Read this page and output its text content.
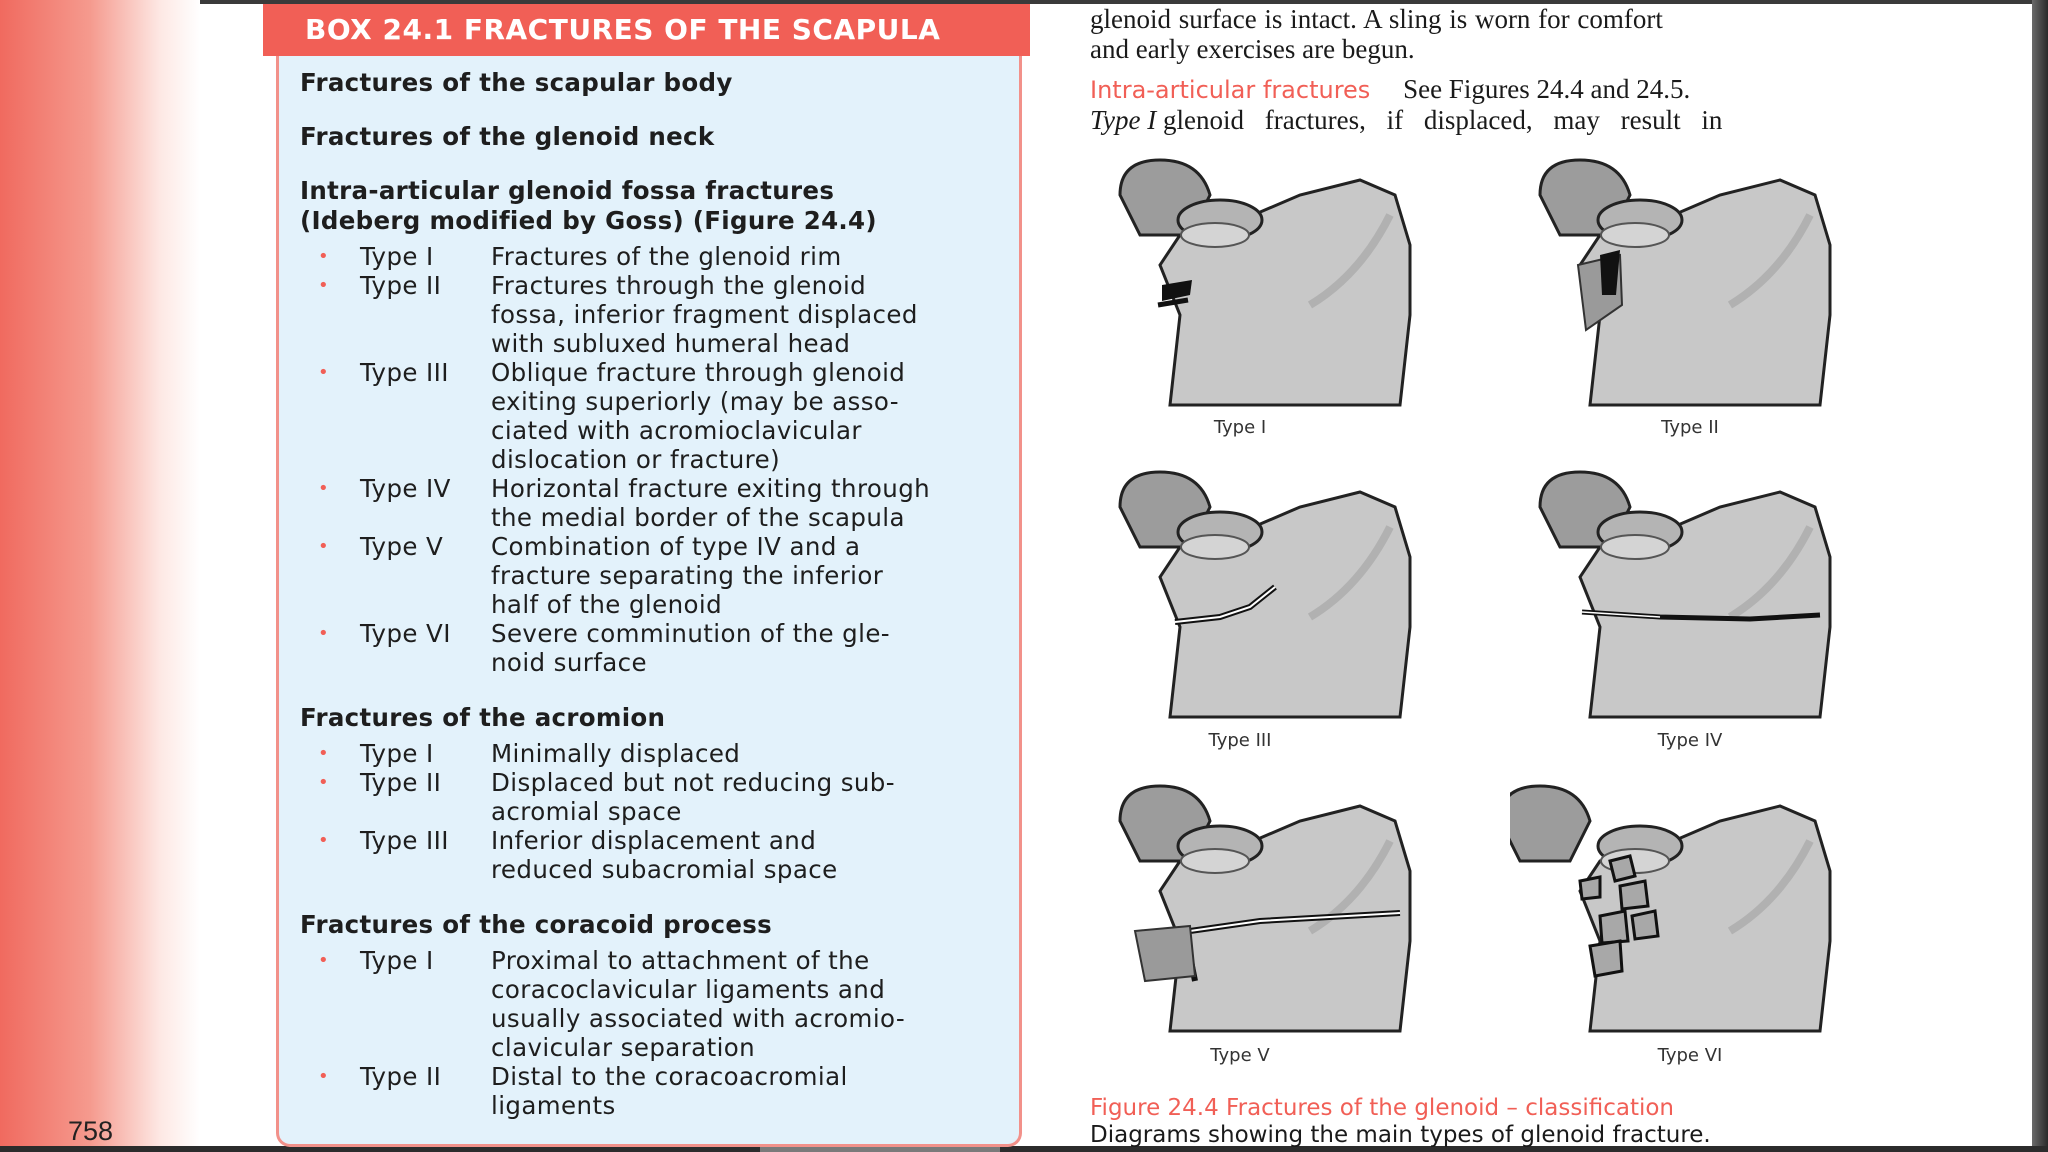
758
BOX 24.1 FRACTURES OF THE SCAPULA
Fractures of the scapular body
Fractures of the glenoid neck
Intra-articular glenoid fossa fractures
(Ideberg modified by Goss) (Figure 24.4)
•	Type I	Fractures of the glenoid rim
•	Type II	Fractures through the glenoid
fossa, inferior fragment displaced
with subluxed humeral head
•	Type III	Oblique fracture through glenoid
exiting superiorly (may be asso-
ciated with acromioclavicular
dislocation or fracture)
•	Type IV	Horizontal fracture exiting through
the medial border of the scapula
•	Type V	Combination of type IV and a
fracture separating the inferior
half of the glenoid
•	Type VI	Severe comminution of the gle-
noid surface
Fractures of the acromion
•	Type I	Minimally displaced
•	Type II	Displaced but not reducing sub-
acromial space
•	Type III	Inferior displacement and
reduced subacromial space
Fractures of the coracoid process
•	Type I	Proximal to attachment of the
coracoclavicular ligaments and
usually associated with acromio-
clavicular separation
•	Type II	Distal to the coracoacromial
ligaments
glenoid surface is intact. A sling is worn for comfort
and early exercises are begun.
Intra-articular fractures See Figures 24.4 and 24.5.
Type I glenoid fractures, if displaced, may result in
Type I	Type II
Type III	Type IV
Type V	Type VI
Figure 24.4 Fractures of the glenoid – classification
Diagrams showing the main types of glenoid fracture.
